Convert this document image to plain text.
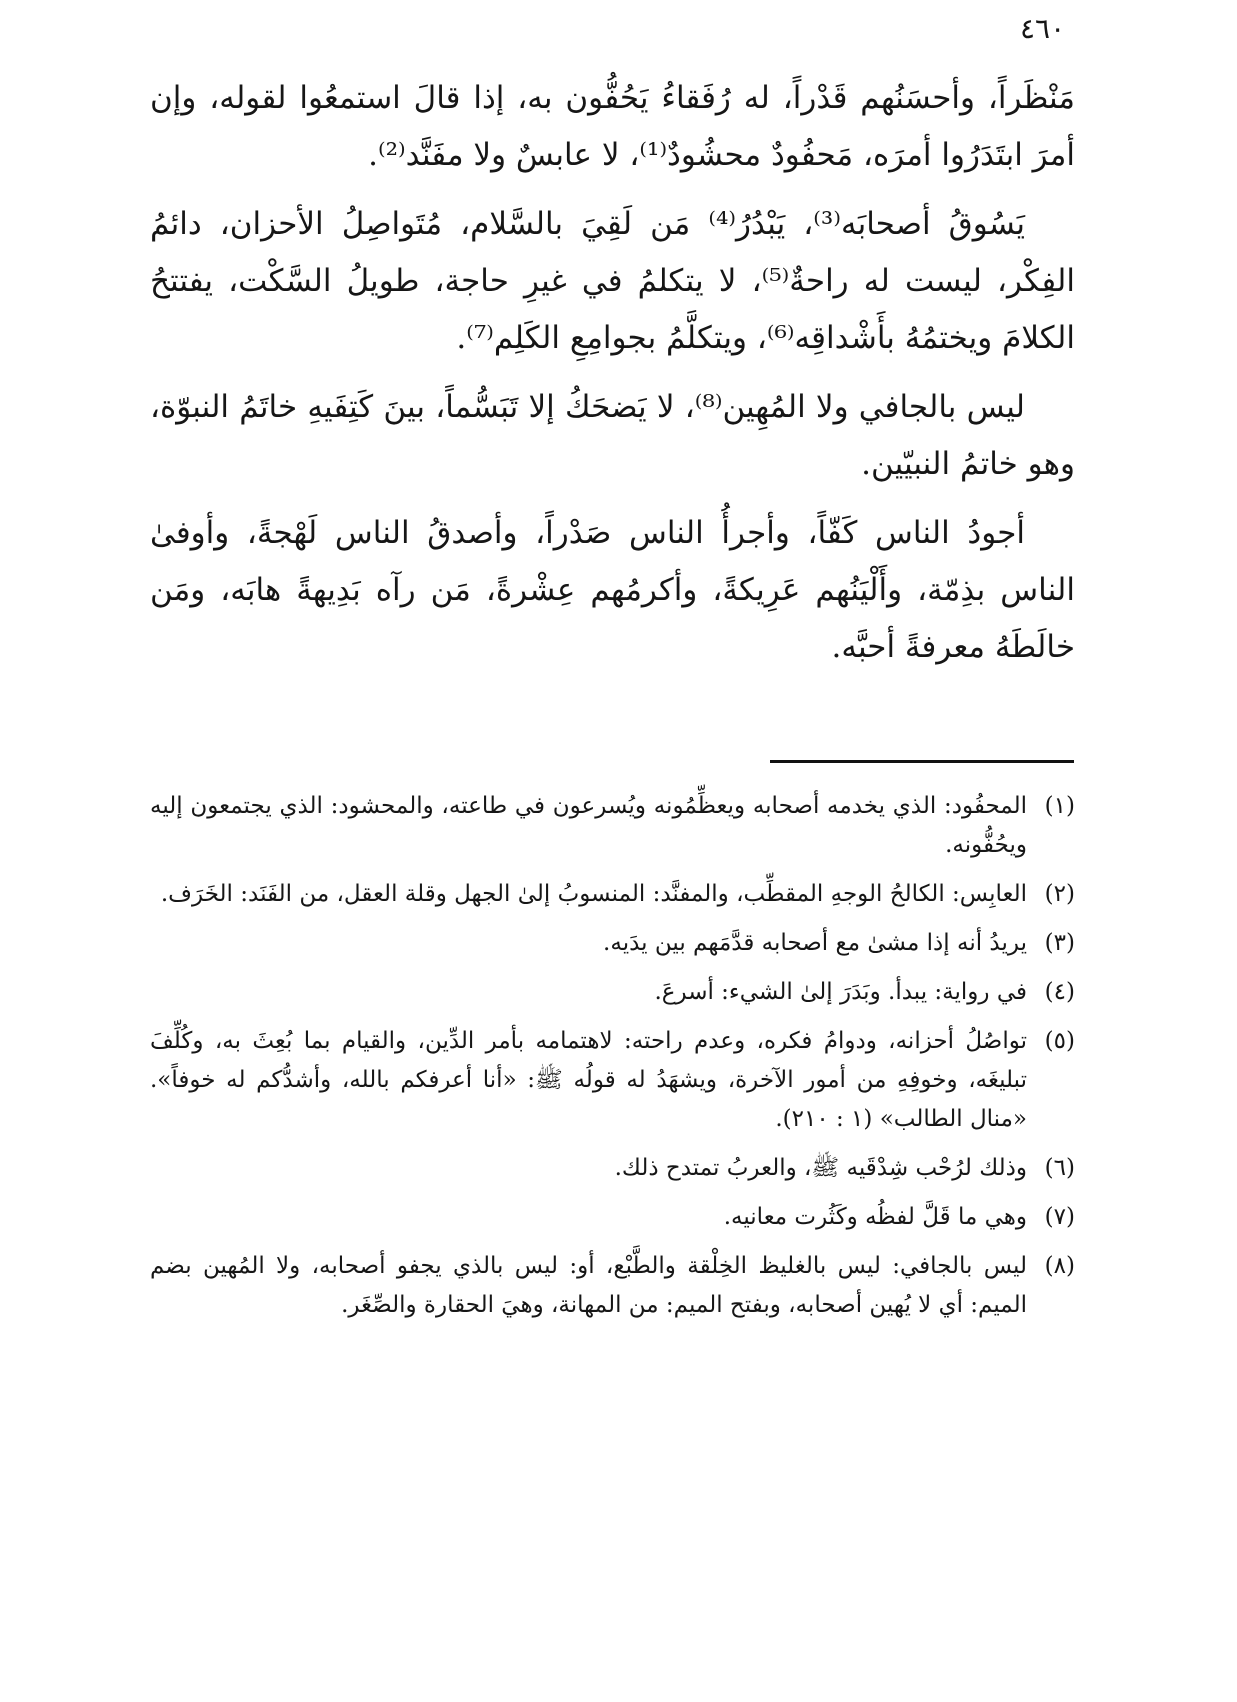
٤٦٠

مَنْظَراً، وأحسَنُهم قَدْراً، له رُفَقاءُ يَحُفُّون به، إذا قالَ استمعُوا لقوله، وإن أمرَ ابتَدَرُوا أمرَه، مَحفُودٌ محشُودٌ⁽¹⁾، لا عابسٌ ولا مفَنَّد⁽²⁾.

يَسُوقُ أصحابَه⁽³⁾، يَبْدُرُ⁽⁴⁾ مَن لَقِيَ بالسَّلام، مُتَواصِلُ الأحزان، دائمُ الفِكْر، ليست له راحةٌ⁽⁵⁾، لا يتكلمُ في غيرِ حاجة، طويلُ السَّكْت، يفتتحُ الكلامَ ويختمُهُ بأَشْداقِه⁽⁶⁾، ويتكلَّمُ بجوامِعِ الكَلِم⁽⁷⁾.

ليس بالجافي ولا المُهِين⁽⁸⁾، لا يَضحَكُ إلا تَبَسُّماً، بينَ كَتِفَيهِ خاتَمُ النبوّة، وهو خاتمُ النبيّين.

أجودُ الناس كَفّاً، وأجرأُ الناس صَدْراً، وأصدقُ الناس لَهْجةً، وأوفىٰ الناس بذِمّة، وأَلْيَنُهم عَرِيكةً، وأكرمُهم عِشْرةً، مَن رآه بَدِيهةً هابَه، ومَن خالَطَهُ معرفةً أحبَّه.

(١)
المحفُود: الذي يخدمه أصحابه ويعظِّمُونه ويُسرعون في طاعته، والمحشود: الذي يجتمعون إليه ويحُفُّونه.
(٢)
العابِس: الكالحُ الوجهِ المقطِّب، والمفنَّد: المنسوبُ إلىٰ الجهل وقلة العقل، من الفَنَد: الخَرَف.
(٣)
يريدُ أنه إذا مشىٰ مع أصحابه قدَّمَهم بين يدَيه.
(٤)
في رواية: يبدأ. وبَدَرَ إلىٰ الشيء: أسرعَ.
(٥)
تواصُلُ أحزانه، ودوامُ فكره، وعدم راحته: لاهتمامه بأمر الدِّين، والقيام بما بُعِثَ به، وكُلِّفَ تبليغَه، وخوفِهِ من أمور الآخرة، ويشهَدُ له قولُه ﷺ: «أنا أعرفكم بالله، وأشدُّكم له خوفاً». «منال الطالب» (١ : ٢١٠).
(٦)
وذلك لرُحْب شِدْقَيه ﷺ، والعربُ تمتدح ذلك.
(٧)
وهي ما قَلَّ لفظُه وكَثُرت معانيه.
(٨)
ليس بالجافي: ليس بالغليظ الخِلْقة والطَّبْع، أو: ليس بالذي يجفو أصحابه، ولا المُهين بضم الميم: أي لا يُهين أصحابه، وبفتح الميم: من المهانة، وهيَ الحقارة والصِّغَر.
